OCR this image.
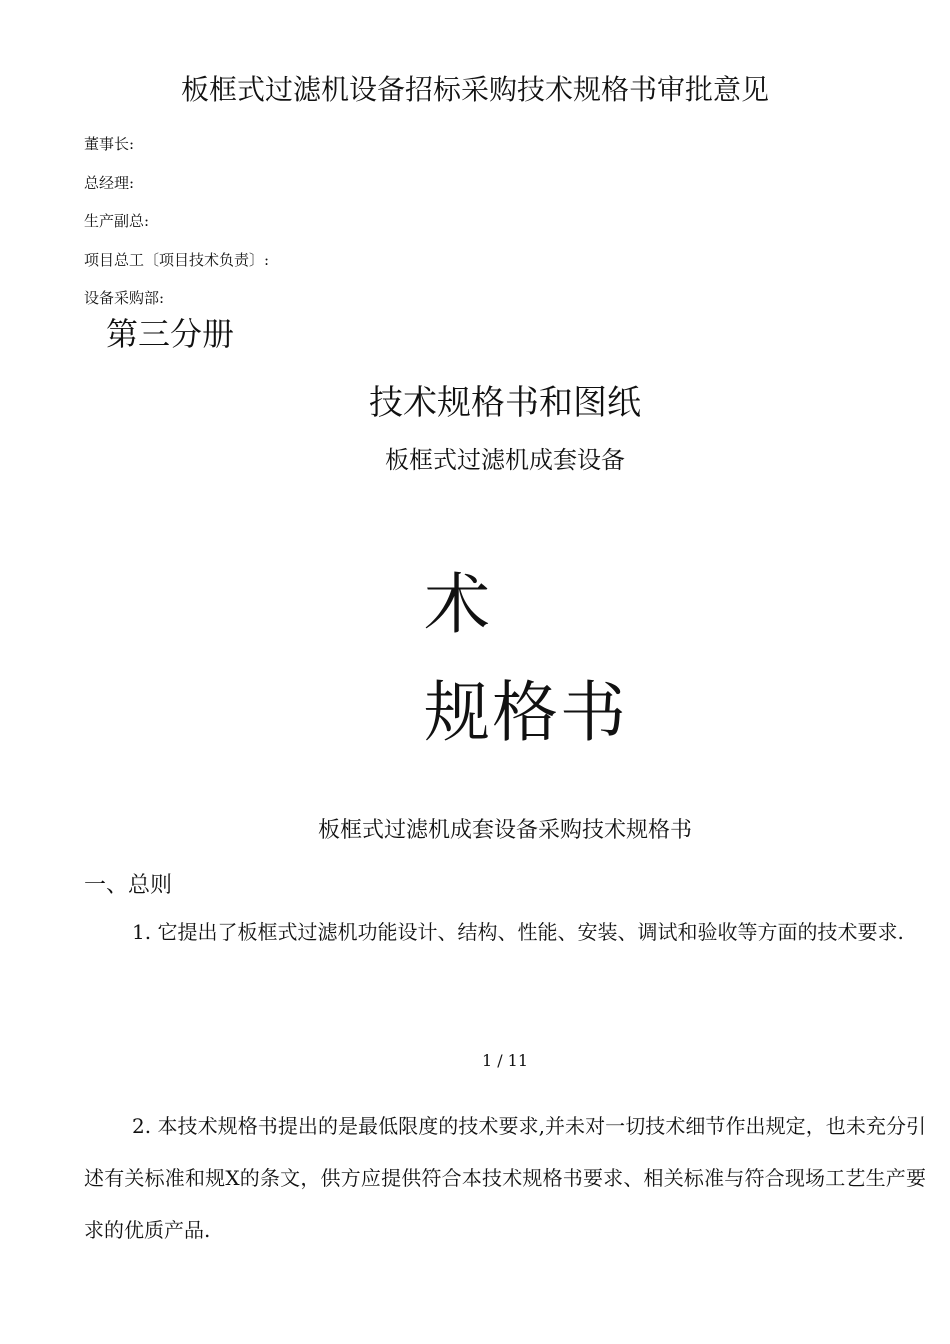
板框式过滤机设备招标采购技术规格书审批意见
董事长:
总经理:
生产副总:
项目总工〔项目技术负责〕:
设备采购部:
第三分册
技术规格书和图纸
板框式过滤机成套设备
术
规格书
板框式过滤机成套设备采购技术规格书
一、总则
1. 它提出了板框式过滤机功能设计、结构、性能、安装、调试和验收等方面的技术要求.
1 / 11
2. 本技术规格书提出的是最低限度的技术要求,并未对一切技术细节作出规定，也未充分引述有关标准和规X的条文，供方应提供符合本技术规格书要求、相关标准与符合现场工艺生产要求的优质产品.
